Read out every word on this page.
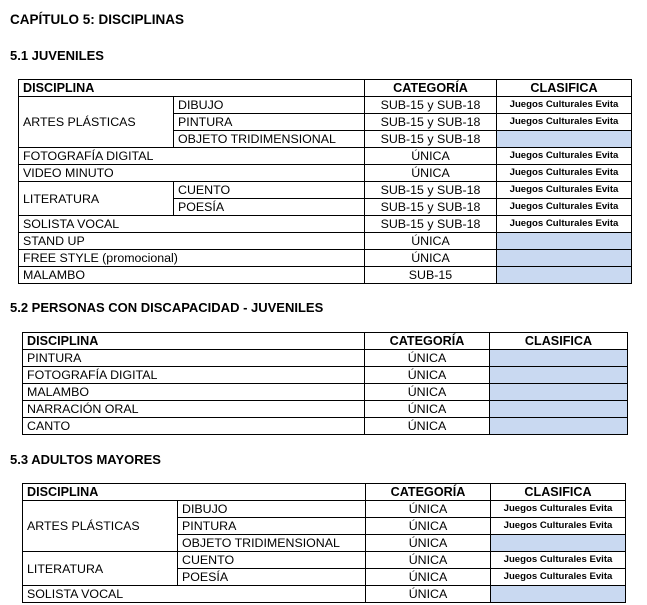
CAPÍTULO 5: DISCIPLINAS
5.1 JUVENILES
DISCIPLINA		CATEGORÍA	CLASIFICA
ARTES PLÁSTICAS	DIBUJO	SUB-15 y SUB-18	Juegos Culturales Evita
	PINTURA	SUB-15 y SUB-18	Juegos Culturales Evita
	OBJETO TRIDIMENSIONAL	SUB-15 y SUB-18	
FOTOGRAFÍA DIGITAL		ÚNICA	Juegos Culturales Evita
VIDEO MINUTO		ÚNICA	Juegos Culturales Evita
LITERATURA	CUENTO	SUB-15 y SUB-18	Juegos Culturales Evita
	POESÍA	SUB-15 y SUB-18	Juegos Culturales Evita
SOLISTA VOCAL		SUB-15 y SUB-18	Juegos Culturales Evita
STAND UP		ÚNICA	
FREE STYLE (promocional)		ÚNICA	
MALAMBO		SUB-15	
5.2 PERSONAS CON DISCAPACIDAD - JUVENILES
DISCIPLINA	CATEGORÍA	CLASIFICA
PINTURA	ÚNICA	
FOTOGRAFÍA DIGITAL	ÚNICA	
MALAMBO	ÚNICA	
NARRACIÓN ORAL	ÚNICA	
CANTO	ÚNICA	
5.3 ADULTOS MAYORES
DISCIPLINA		CATEGORÍA	CLASIFICA
ARTES PLÁSTICAS	DIBUJO	ÚNICA	Juegos Culturales Evita
	PINTURA	ÚNICA	Juegos Culturales Evita
	OBJETO TRIDIMENSIONAL	ÚNICA	
LITERATURA	CUENTO	ÚNICA	Juegos Culturales Evita
	POESÍA	ÚNICA	Juegos Culturales Evita
SOLISTA VOCAL		ÚNICA	
